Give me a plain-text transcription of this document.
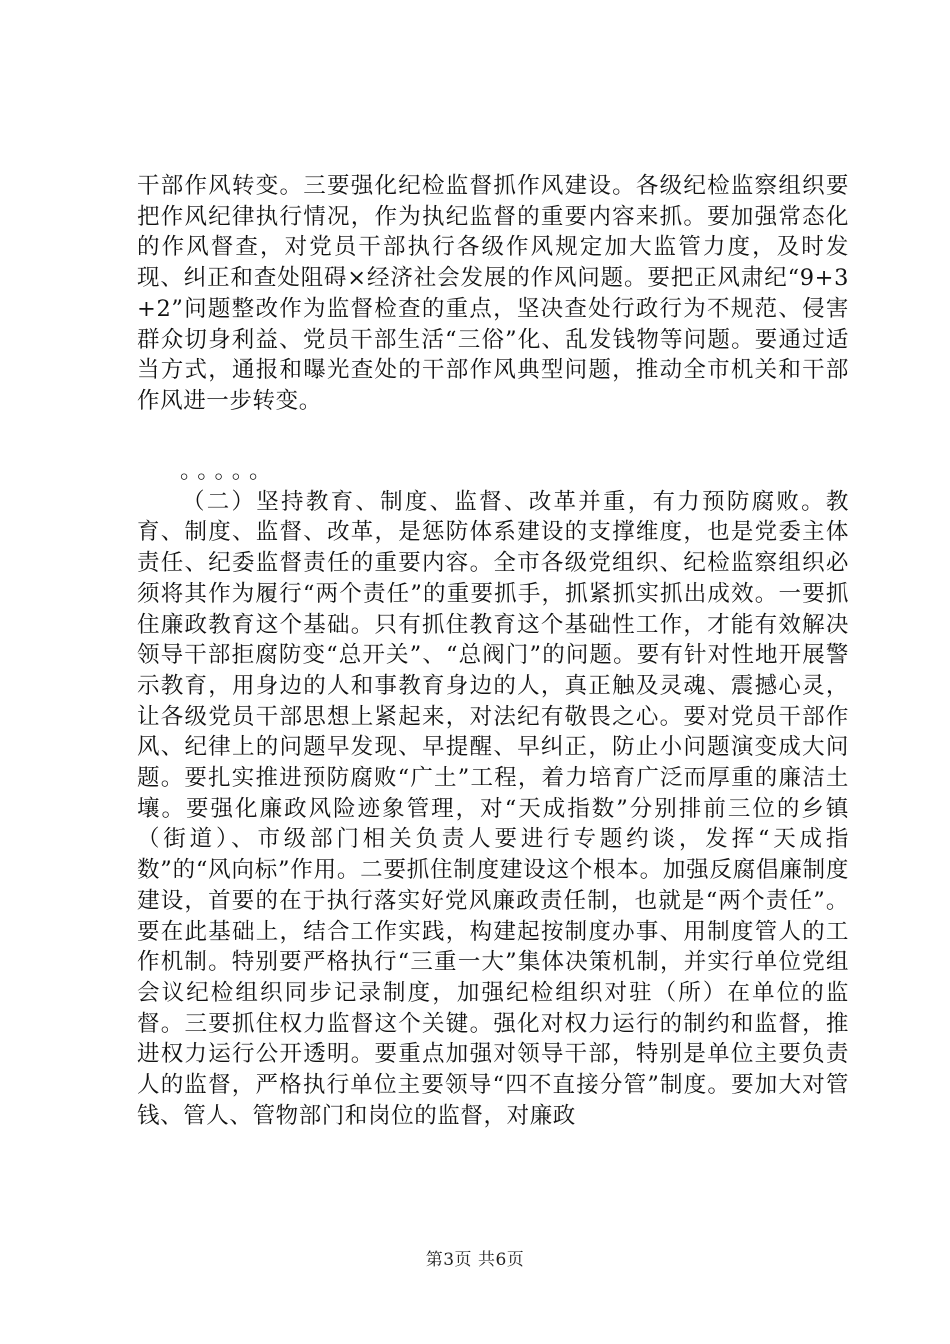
干部作风转变。三要强化纪检监督抓作风建设。各级纪检监察组织要把作风纪律执行情况，作为执纪监督的重要内容来抓。要加强常态化的作风督查，对党员干部执行各级作风规定加大监管力度，及时发现、纠正和查处阻碍×经济社会发展的作风问题。要把正风肃纪“9+3+2”问题整改作为监督检查的重点，坚决查处行政行为不规范、侵害群众切身利益、党员干部生活“三俗”化、乱发钱物等问题。要通过适当方式，通报和曝光查处的干部作风典型问题，推动全市机关和干部作风进一步转变。
。。。。。
（二）坚持教育、制度、监督、改革并重，有力预防腐败。教育、制度、监督、改革，是惩防体系建设的支撑维度，也是党委主体责任、纪委监督责任的重要内容。全市各级党组织、纪检监察组织必须将其作为履行“两个责任”的重要抓手，抓紧抓实抓出成效。一要抓住廉政教育这个基础。只有抓住教育这个基础性工作，才能有效解决领导干部拒腐防变“总开关”、“总阀门”的问题。要有针对性地开展警示教育，用身边的人和事教育身边的人，真正触及灵魂、震撼心灵，让各级党员干部思想上紧起来，对法纪有敬畏之心。要对党员干部作风、纪律上的问题早发现、早提醒、早纠正，防止小问题演变成大问题。要扎实推进预防腐败“广土”工程，着力培育广泛而厚重的廉洁土壤。要强化廉政风险迹象管理，对“天成指数”分别排前三位的乡镇（街道）、市级部门相关负责人要进行专题约谈，发挥“天成指数”的“风向标”作用。二要抓住制度建设这个根本。加强反腐倡廉制度建设，首要的在于执行落实好党风廉政责任制，也就是“两个责任”。要在此基础上，结合工作实践，构建起按制度办事、用制度管人的工作机制。特别要严格执行“三重一大”集体决策机制，并实行单位党组会议纪检组织同步记录制度，加强纪检组织对驻（所）在单位的监督。三要抓住权力监督这个关键。强化对权力运行的制约和监督，推进权力运行公开透明。要重点加强对领导干部，特别是单位主要负责人的监督，严格执行单位主要领导“四不直接分管”制度。要加大对管钱、管人、管物部门和岗位的监督，对廉政
第3页 共6页
